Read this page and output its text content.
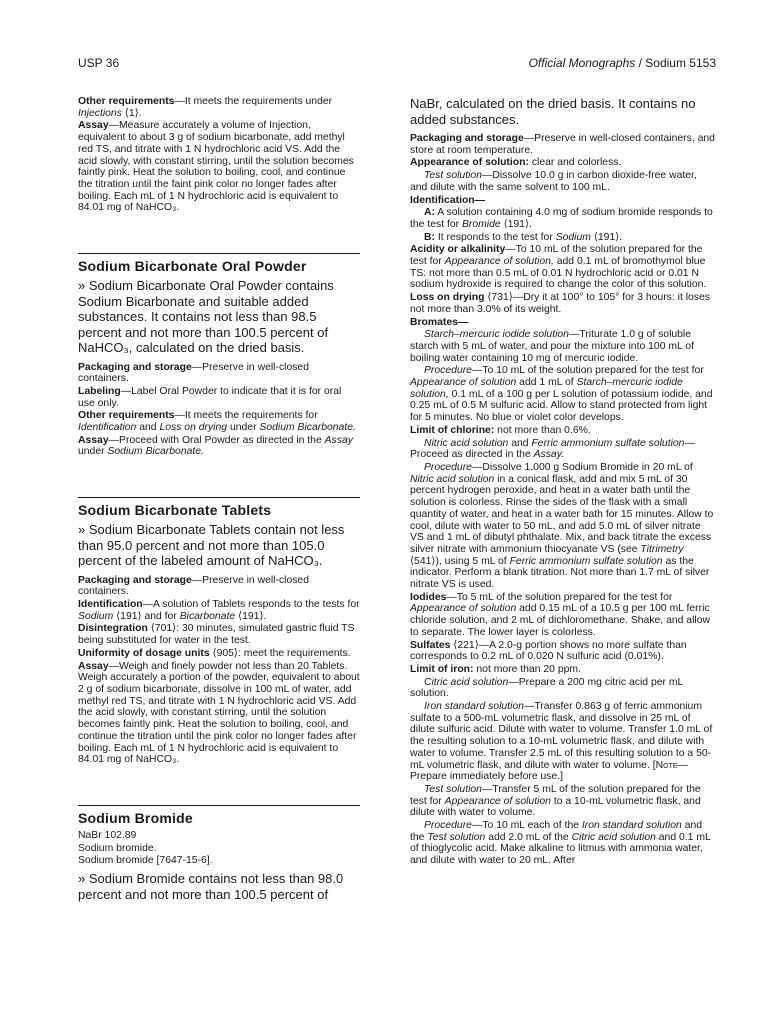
USP 36	Official Monographs / Sodium 5153

Other requirements—It meets the requirements under Injections ⟨1⟩.

Assay—Measure accurately a volume of Injection, equivalent to about 3 g of sodium bicarbonate, add methyl red TS, and titrate with 1 N hydrochloric acid VS. Add the acid slowly, with constant stirring, until the solution becomes faintly pink. Heat the solution to boiling, cool, and continue the titration until the faint pink color no longer fades after boiling. Each mL of 1 N hydrochloric acid is equivalent to 84.01 mg of NaHCO₃.

Sodium Bicarbonate Oral Powder

» Sodium Bicarbonate Oral Powder contains Sodium Bicarbonate and suitable added substances. It contains not less than 98.5 percent and not more than 100.5 percent of NaHCO₃, calculated on the dried basis.

Packaging and storage—Preserve in well-closed containers.

Labeling—Label Oral Powder to indicate that it is for oral use only.

Other requirements—It meets the requirements for Identification and Loss on drying under Sodium Bicarbonate.

Assay—Proceed with Oral Powder as directed in the Assay under Sodium Bicarbonate.

Sodium Bicarbonate Tablets

» Sodium Bicarbonate Tablets contain not less than 95.0 percent and not more than 105.0 percent of the labeled amount of NaHCO₃.

Packaging and storage—Preserve in well-closed containers.

Identification—A solution of Tablets responds to the tests for Sodium ⟨191⟩ and for Bicarbonate ⟨191⟩.

Disintegration ⟨701⟩: 30 minutes, simulated gastric fluid TS being substituted for water in the test.

Uniformity of dosage units ⟨905⟩: meet the requirements.

Assay—Weigh and finely powder not less than 20 Tablets. Weigh accurately a portion of the powder, equivalent to about 2 g of sodium bicarbonate, dissolve in 100 mL of water, add methyl red TS, and titrate with 1 N hydrochloric acid VS. Add the acid slowly, with constant stirring, until the solution becomes faintly pink. Heat the solution to boiling, cool, and continue the titration until the pink color no longer fades after boiling. Each mL of 1 N hydrochloric acid is equivalent to 84.01 mg of NaHCO₃.

Sodium Bromide

NaBr 102.89

Sodium bromide.

Sodium bromide [7647-15-6].

» Sodium Bromide contains not less than 98.0 percent and not more than 100.5 percent of

NaBr, calculated on the dried basis. It contains no added substances.

Packaging and storage—Preserve in well-closed containers, and store at room temperature.

Appearance of solution: clear and colorless.

Test solution—Dissolve 10.0 g in carbon dioxide-free water, and dilute with the same solvent to 100 mL.

Identification—

A: A solution containing 4.0 mg of sodium bromide responds to the test for Bromide ⟨191⟩.

B: It responds to the test for Sodium ⟨191⟩.

Acidity or alkalinity—To 10 mL of the solution prepared for the test for Appearance of solution, add 0.1 mL of bromothymol blue TS: not more than 0.5 mL of 0.01 N hydrochloric acid or 0.01 N sodium hydroxide is required to change the color of this solution.

Loss on drying ⟨731⟩—Dry it at 100° to 105° for 3 hours: it loses not more than 3.0% of its weight.

Bromates—

Starch–mercuric iodide solution—Triturate 1.0 g of soluble starch with 5 mL of water, and pour the mixture into 100 mL of boiling water containing 10 mg of mercuric iodide.

Procedure—To 10 mL of the solution prepared for the test for Appearance of solution add 1 mL of Starch–mercuric iodide solution, 0.1 mL of a 100 g per L solution of potassium iodide, and 0.25 mL of 0.5 M sulfuric acid. Allow to stand protected from light for 5 minutes. No blue or violet color develops.

Limit of chlorine: not more than 0.6%.

Nitric acid solution and Ferric ammonium sulfate solution—Proceed as directed in the Assay.

Procedure—Dissolve 1.000 g Sodium Bromide in 20 mL of Nitric acid solution in a conical flask, add and mix 5 mL of 30 percent hydrogen peroxide, and heat in a water bath until the solution is colorless. Rinse the sides of the flask with a small quantity of water, and heat in a water bath for 15 minutes. Allow to cool, dilute with water to 50 mL, and add 5.0 mL of silver nitrate VS and 1 mL of dibutyl phthalate. Mix, and back titrate the excess silver nitrate with ammonium thiocyanate VS (see Titrimetry ⟨541⟩), using 5 mL of Ferric ammonium sulfate solution as the indicator. Perform a blank titration. Not more than 1.7 mL of silver nitrate VS is used.

Iodides—To 5 mL of the solution prepared for the test for Appearance of solution add 0.15 mL of a 10.5 g per 100 mL ferric chloride solution, and 2 mL of dichloromethane. Shake, and allow to separate. The lower layer is colorless.

Sulfates ⟨221⟩—A 2.0-g portion shows no more sulfate than corresponds to 0.2 mL of 0.020 N sulfuric acid (0.01%).

Limit of iron: not more than 20 ppm.

Citric acid solution—Prepare a 200 mg citric acid per mL solution.

Iron standard solution—Transfer 0.863 g of ferric ammonium sulfate to a 500-mL volumetric flask, and dissolve in 25 mL of dilute sulfuric acid. Dilute with water to volume. Transfer 1.0 mL of the resulting solution to a 10-mL volumetric flask, and dilute with water to volume. Transfer 2.5 mL of this resulting solution to a 50-mL volumetric flask, and dilute with water to volume. [Note—Prepare immediately before use.]

Test solution—Transfer 5 mL of the solution prepared for the test for Appearance of solution to a 10-mL volumetric flask, and dilute with water to volume.

Procedure—To 10 mL each of the Iron standard solution and the Test solution add 2.0 mL of the Citric acid solution and 0.1 mL of thioglycolic acid. Make alkaline to litmus with ammonia water, and dilute with water to 20 mL. After
